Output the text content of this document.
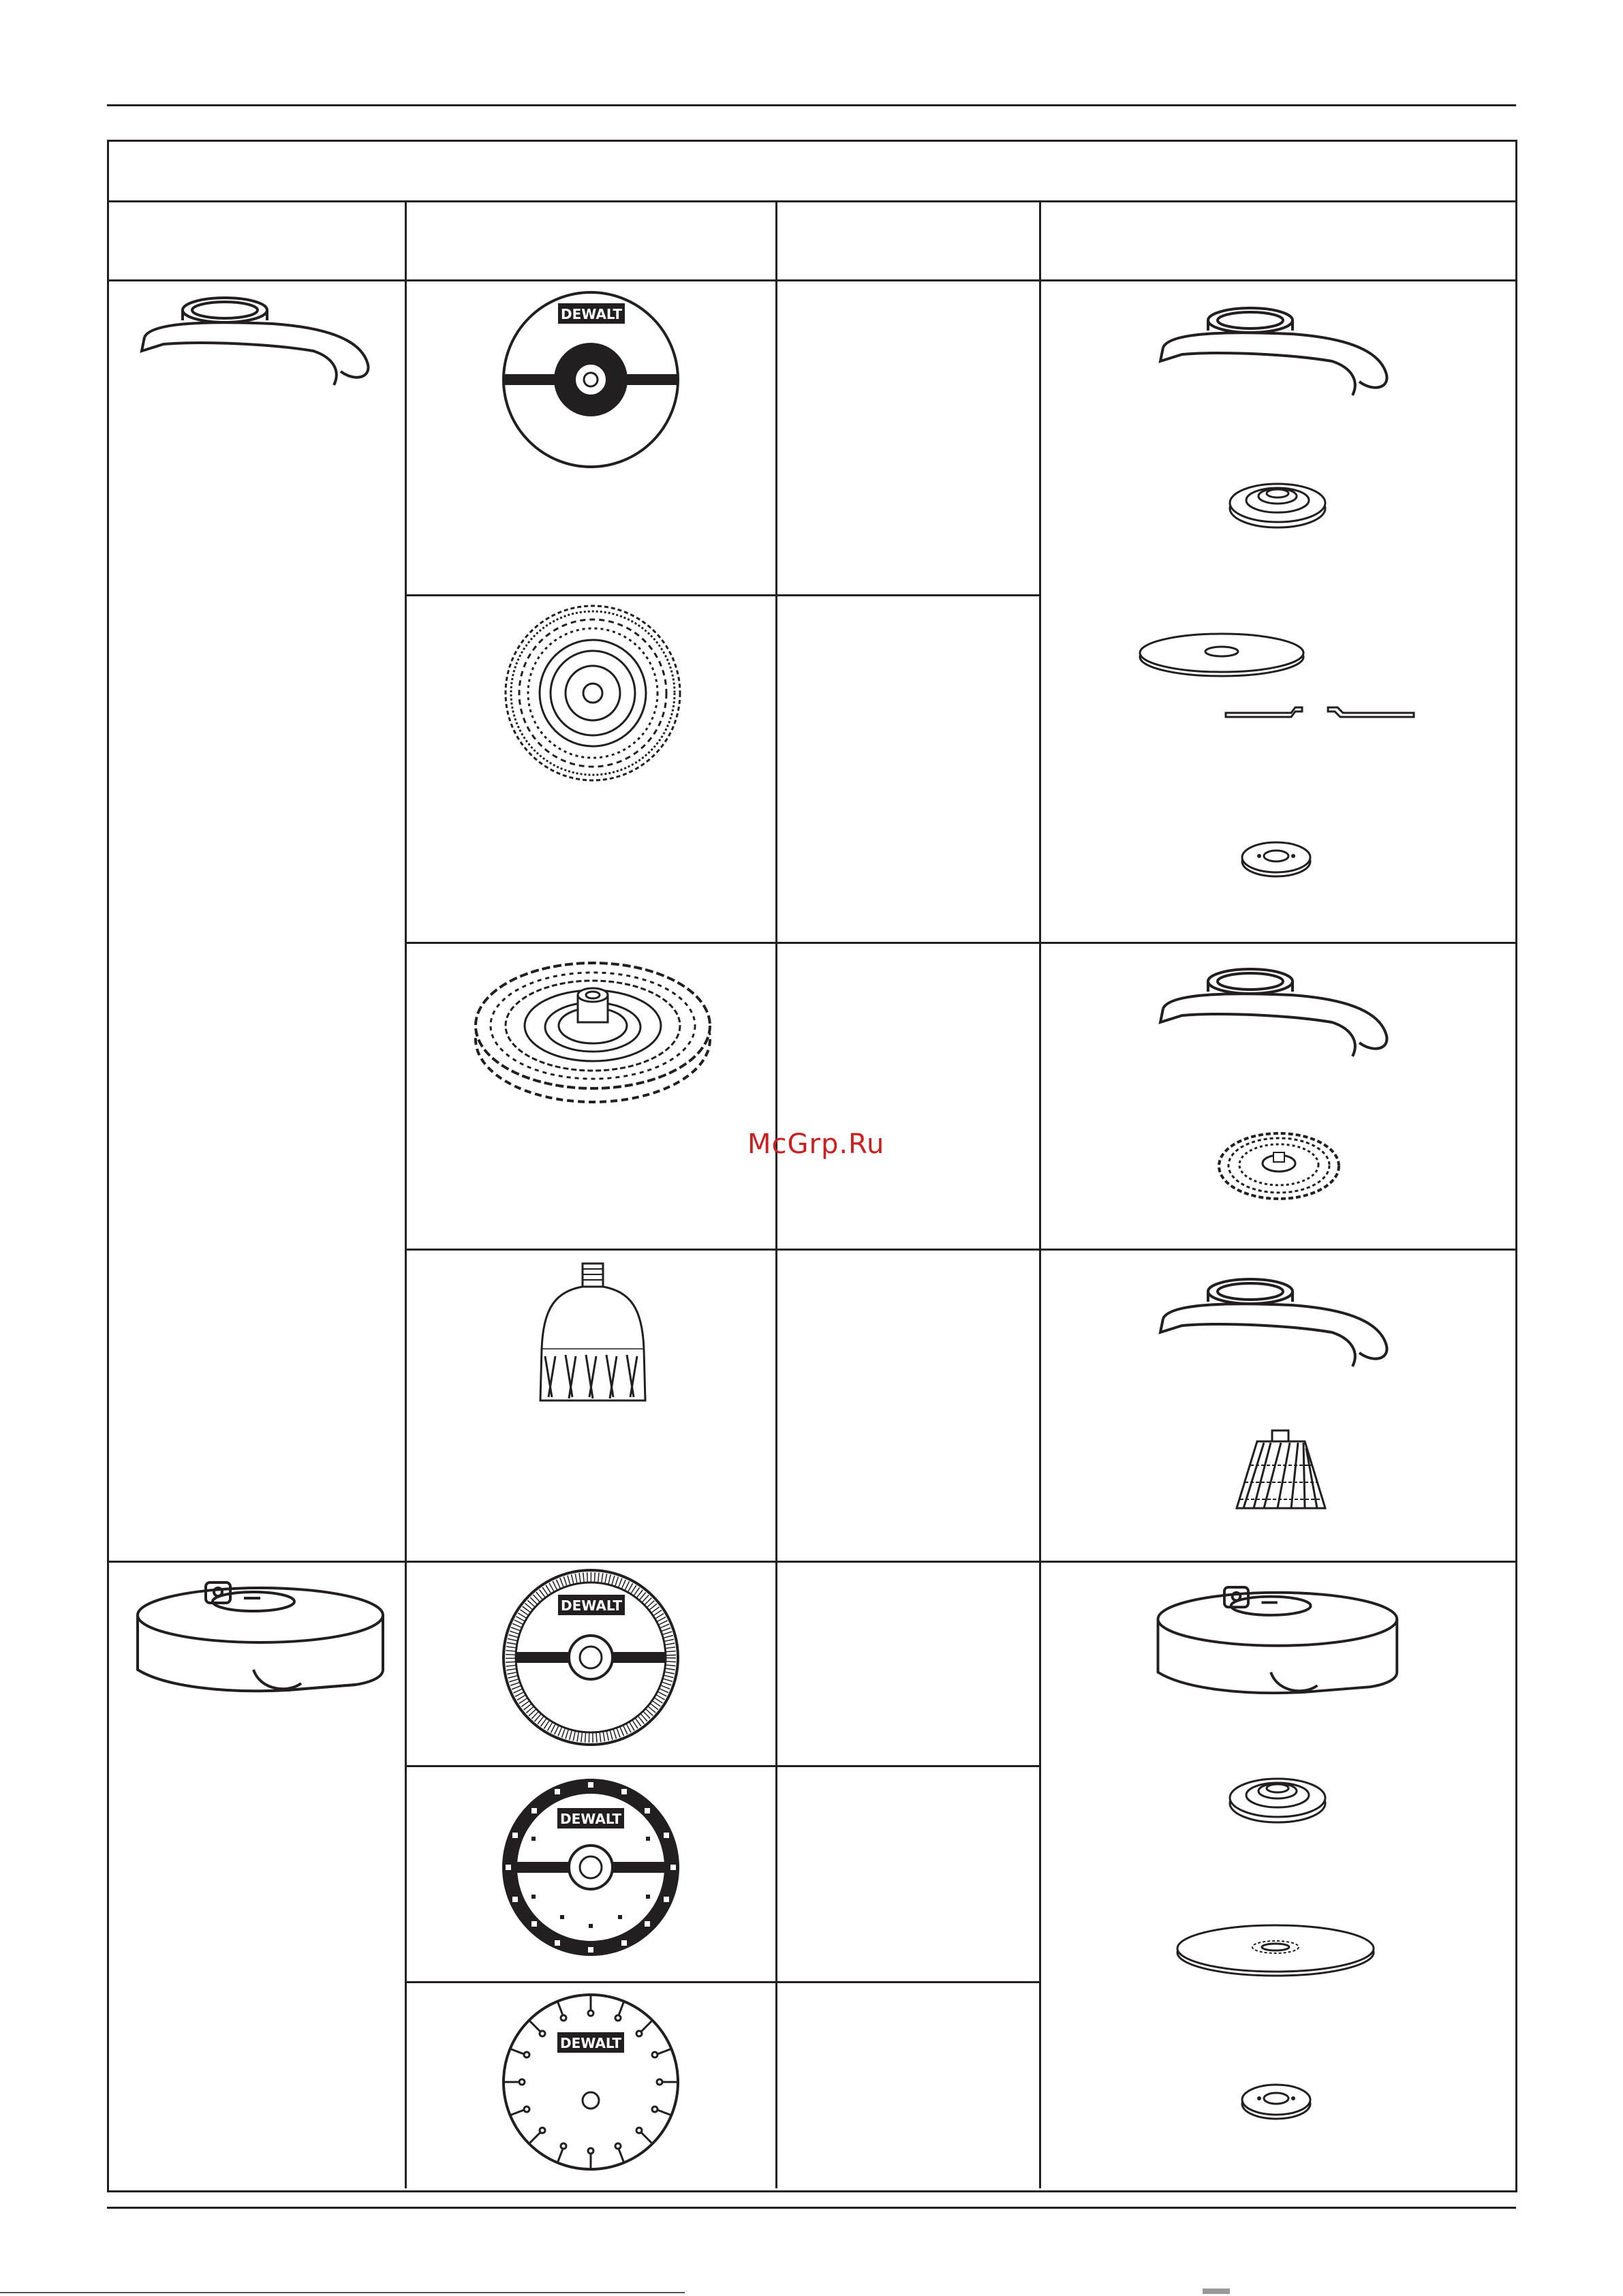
DEWALT
DEWALT
DEWALT
DEWALT
McGrp.Ru
